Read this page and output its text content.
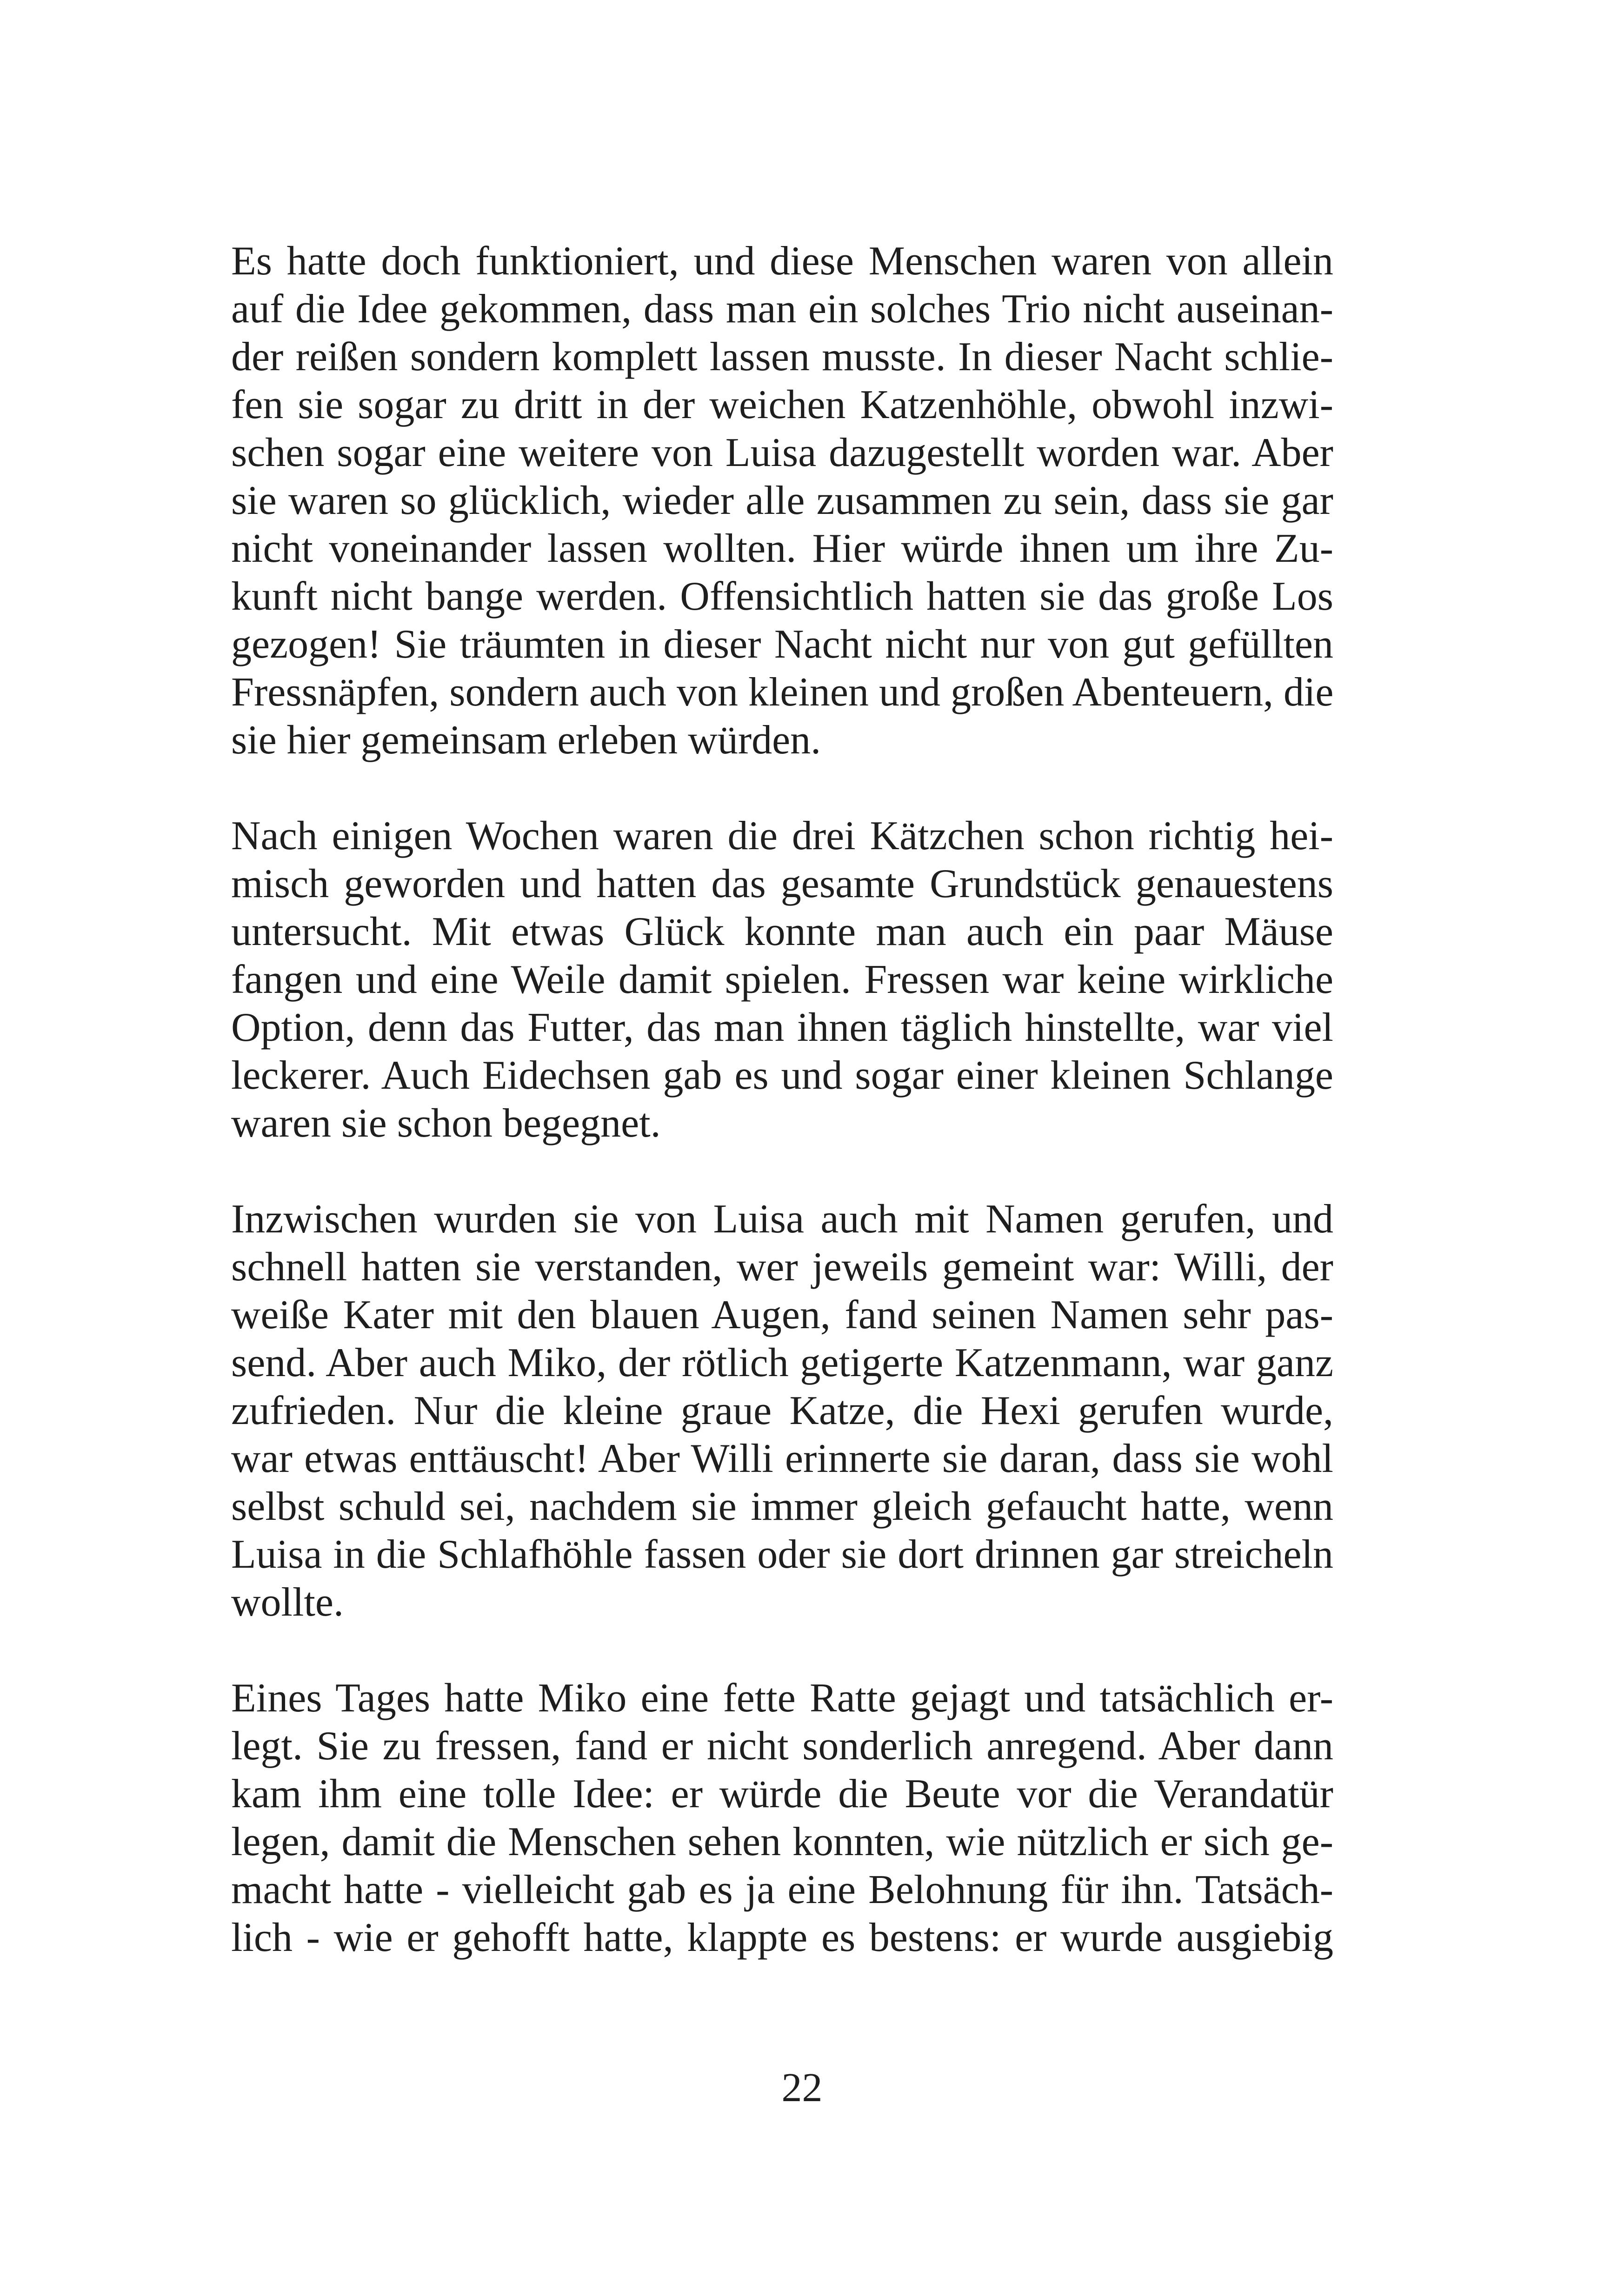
Es hatte doch funktioniert, und diese Menschen waren von allein
auf die Idee gekommen, dass man ein solches Trio nicht auseinan-
der reißen sondern komplett lassen musste. In dieser Nacht schlie-
fen sie sogar zu dritt in der weichen Katzenhöhle, obwohl inzwi-
schen sogar eine weitere von Luisa dazugestellt worden war. Aber
sie waren so glücklich, wieder alle zusammen zu sein, dass sie gar
nicht voneinander lassen wollten. Hier würde ihnen um ihre Zu-
kunft nicht bange werden. Offensichtlich hatten sie das große Los
gezogen! Sie träumten in dieser Nacht nicht nur von gut gefüllten
Fressnäpfen, sondern auch von kleinen und großen Abenteuern, die
sie hier gemeinsam erleben würden.

Nach einigen Wochen waren die drei Kätzchen schon richtig hei-
misch geworden und hatten das gesamte Grundstück genauestens
untersucht. Mit etwas Glück konnte man auch ein paar Mäuse
fangen und eine Weile damit spielen. Fressen war keine wirkliche
Option, denn das Futter, das man ihnen täglich hinstellte, war viel
leckerer. Auch Eidechsen gab es und sogar einer kleinen Schlange
waren sie schon begegnet.

Inzwischen wurden sie von Luisa auch mit Namen gerufen, und
schnell hatten sie verstanden, wer jeweils gemeint war: Willi, der
weiße Kater mit den blauen Augen, fand seinen Namen sehr pas-
send. Aber auch Miko, der rötlich getigerte Katzenmann, war ganz
zufrieden. Nur die kleine graue Katze, die Hexi gerufen wurde,
war etwas enttäuscht! Aber Willi erinnerte sie daran, dass sie wohl
selbst schuld sei, nachdem sie immer gleich gefaucht hatte, wenn
Luisa in die Schlafhöhle fassen oder sie dort drinnen gar streicheln
wollte.

Eines Tages hatte Miko eine fette Ratte gejagt und tatsächlich er-
legt. Sie zu fressen, fand er nicht sonderlich anregend. Aber dann
kam ihm eine tolle Idee: er würde die Beute vor die Verandatür
legen, damit die Menschen sehen konnten, wie nützlich er sich ge-
macht hatte - vielleicht gab es ja eine Belohnung für ihn. Tatsäch-
lich - wie er gehofft hatte, klappte es bestens: er wurde ausgiebig

22
